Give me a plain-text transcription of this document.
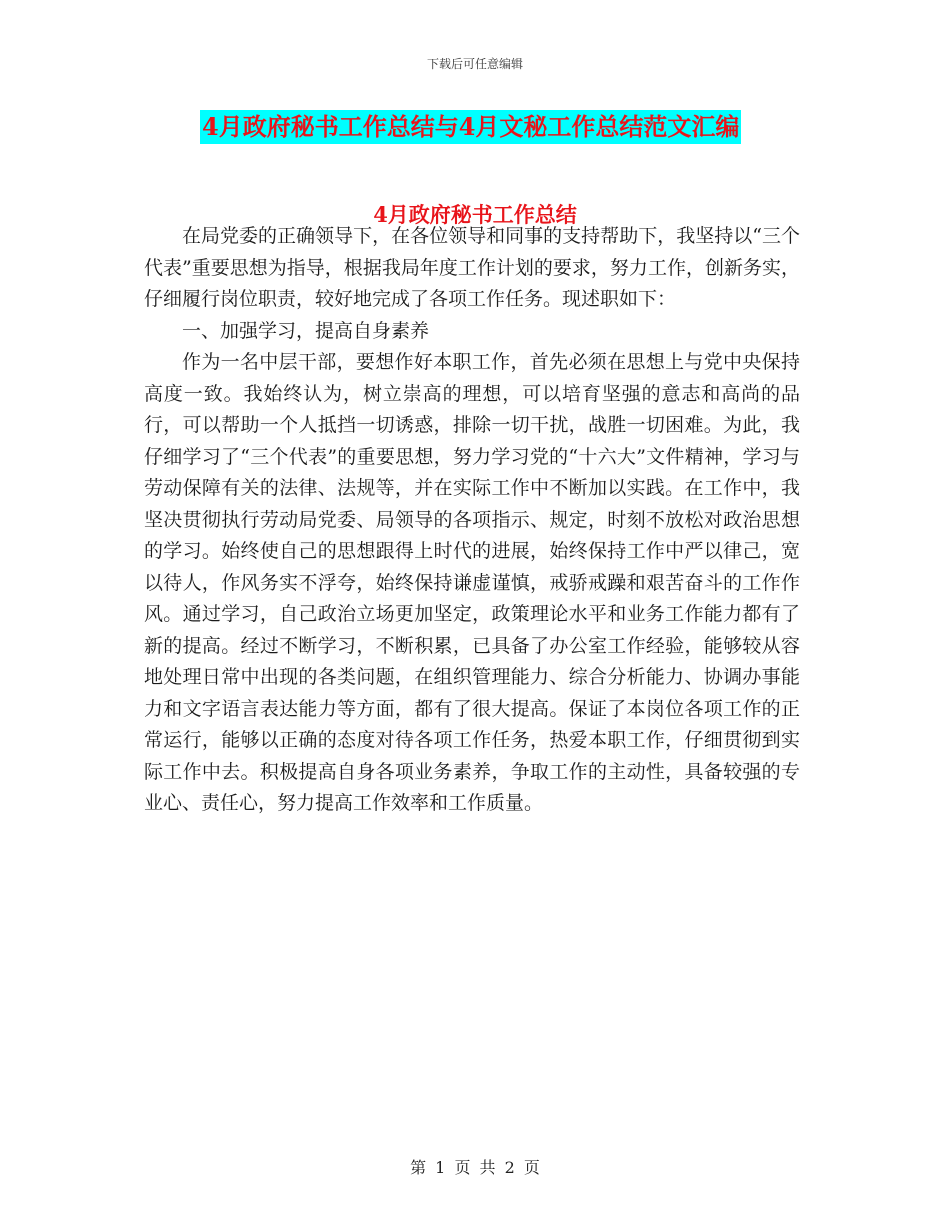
下载后可任意编辑
4月政府秘书工作总结与4月文秘工作总结范文汇编
4月政府秘书工作总结

在局党委的正确领导下，在各位领导和同事的支持帮助下，我坚持以“三个代表”重要思想为指导，根据我局年度工作计划的要求，努力工作，创新务实，仔细履行岗位职责，较好地完成了各项工作任务。现述职如下：

一、加强学习，提高自身素养

作为一名中层干部，要想作好本职工作，首先必须在思想上与党中央保持高度一致。我始终认为，树立崇高的理想，可以培育坚强的意志和高尚的品行，可以帮助一个人抵挡一切诱惑，排除一切干扰，战胜一切困难。为此，我仔细学习了“三个代表”的重要思想，努力学习党的“十六大”文件精神，学习与劳动保障有关的法律、法规等，并在实际工作中不断加以实践。在工作中，我坚决贯彻执行劳动局党委、局领导的各项指示、规定，时刻不放松对政治思想的学习。始终使自己的思想跟得上时代的进展，始终保持工作中严以律己，宽以待人，作风务实不浮夸，始终保持谦虚谨慎，戒骄戒躁和艰苦奋斗的工作作风。通过学习，自己政治立场更加坚定，政策理论水平和业务工作能力都有了新的提高。经过不断学习，不断积累，已具备了办公室工作经验，能够较从容地处理日常中出现的各类问题，在组织管理能力、综合分析能力、协调办事能力和文字语言表达能力等方面，都有了很大提高。保证了本岗位各项工作的正常运行，能够以正确的态度对待各项工作任务，热爱本职工作，仔细贯彻到实际工作中去。积极提高自身各项业务素养，争取工作的主动性，具备较强的专业心、责任心，努力提高工作效率和工作质量。

第 1 页 共 2 页
